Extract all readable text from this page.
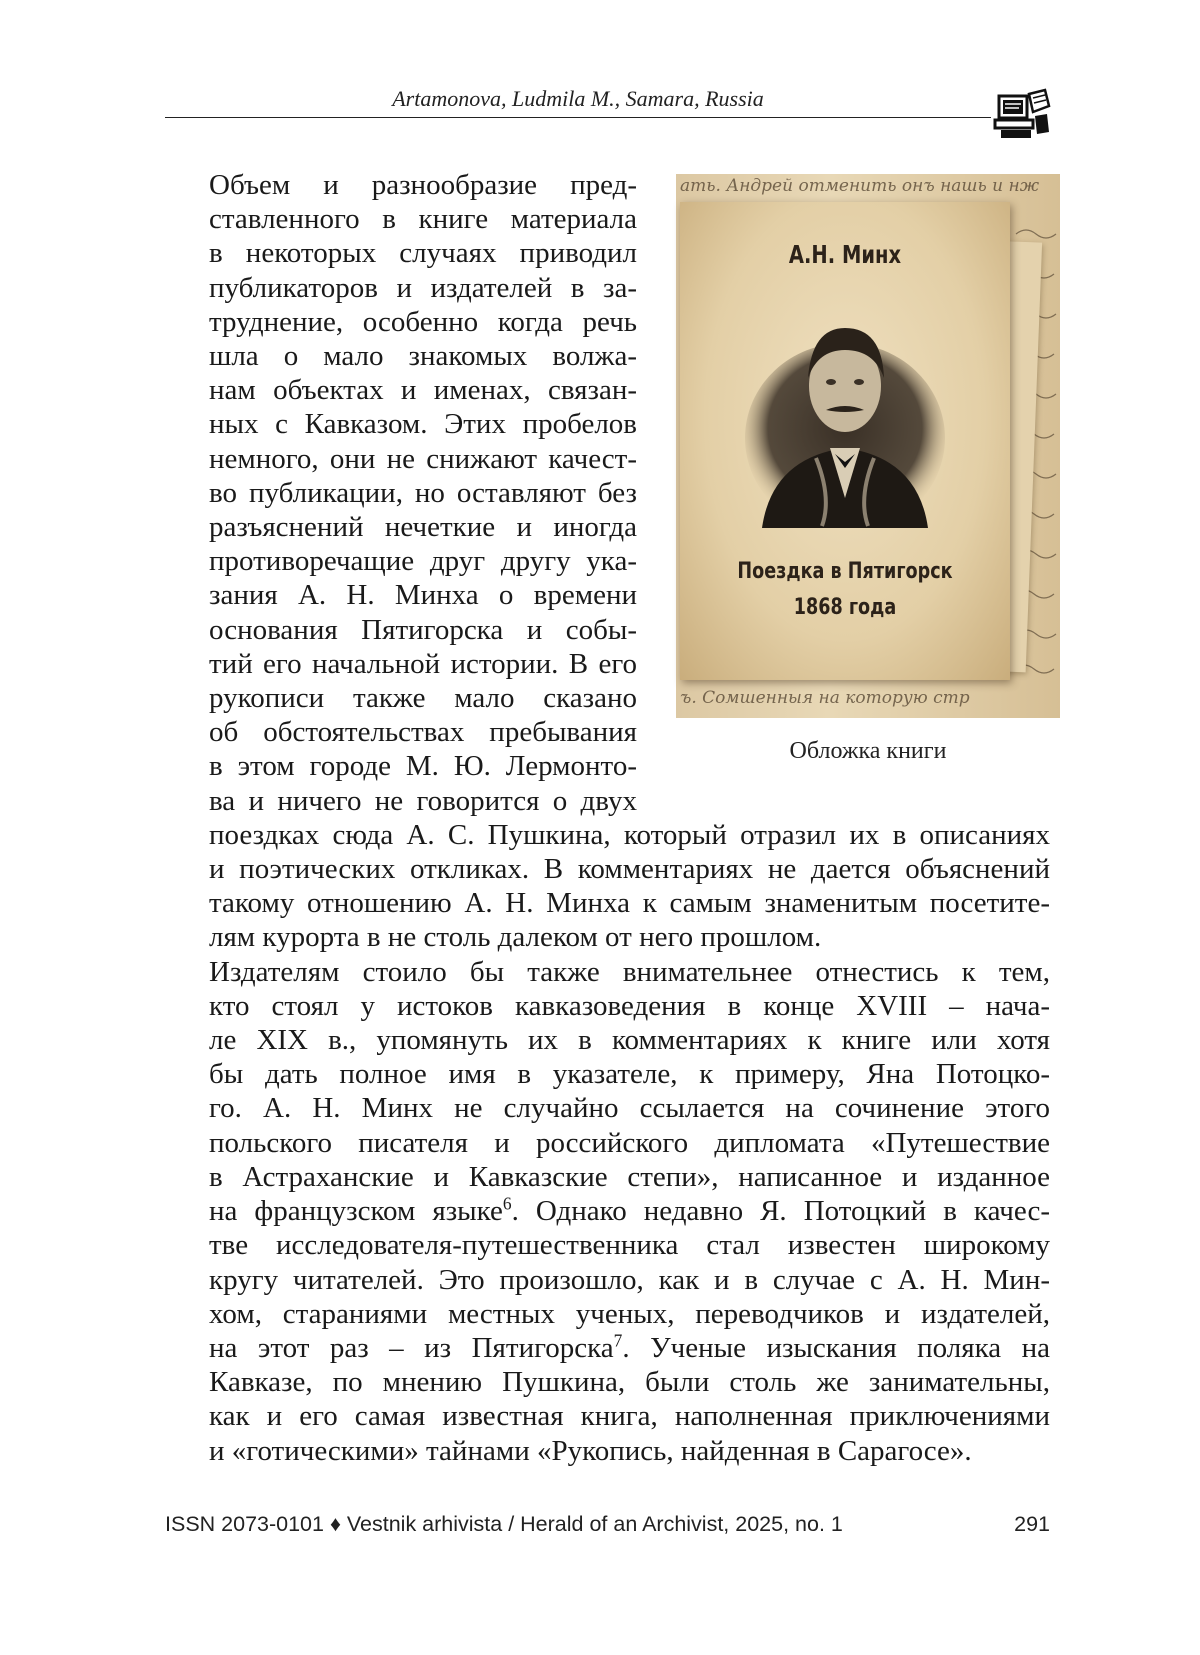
Artamonova, Ludmila M., Samara, Russia
ать. Андрей отменить онъ нашь и нж
ъ. Сомшенныя на которую стр
А.Н. Минх
Поездка в Пятигорск
1868 года
Обложка книги
Объем и разнообразие пред-
ставленного в книге материала
в некоторых случаях приводил
публикаторов и издателей в за-
труднение, особенно когда речь
шла о мало знакомых волжа-
нам объектах и именах, связан-
ных с Кавказом. Этих пробелов
немного, они не снижают качест-
во публикации, но оставляют без
разъяснений нечеткие и иногда
противоречащие друг другу ука-
зания А. Н. Минха о времени
основания Пятигорска и собы-
тий его начальной истории. В его
рукописи также мало сказано
об обстоятельствах пребывания
в этом городе М. Ю. Лермонто-
ва и ничего не говорится о двух
поездках сюда А. С. Пушкина, который отразил их в описаниях
и поэтических откликах. В комментариях не дается объяснений
такому отношению А. Н. Минха к самым знаменитым посетите-
лям курорта в не столь далеком от него прошлом.
Издателям стоило бы также внимательнее отнестись к тем,
кто стоял у истоков кавказоведения в конце XVIII – нача-
ле XIX в., упомянуть их в комментариях к книге или хотя
бы дать полное имя в указателе, к примеру, Яна Потоцко-
го. А. Н. Минх не случайно ссылается на сочинение этого
польского писателя и российского дипломата «Путешествие
в Астраханские и Кавказские степи», написанное и изданное
на французском языке$^6$. Однако недавно Я. Потоцкий в качес-
тве исследователя-путешественника стал известен широкому
кругу читателей. Это произошло, как и в случае с А. Н. Мин-
хом, стараниями местных ученых, переводчиков и издателей,
на этот раз – из Пятигорска$^7$. Ученые изыскания поляка на
Кавказе, по мнению Пушкина, были столь же занимательны,
как и его самая известная книга, наполненная приключениями
и «готическими» тайнами «Рукопись, найденная в Сарагосе».
ISSN 2073-0101 ♦ Vestnik arhivista / Herald of an Archivist, 2025, no. 1	291
